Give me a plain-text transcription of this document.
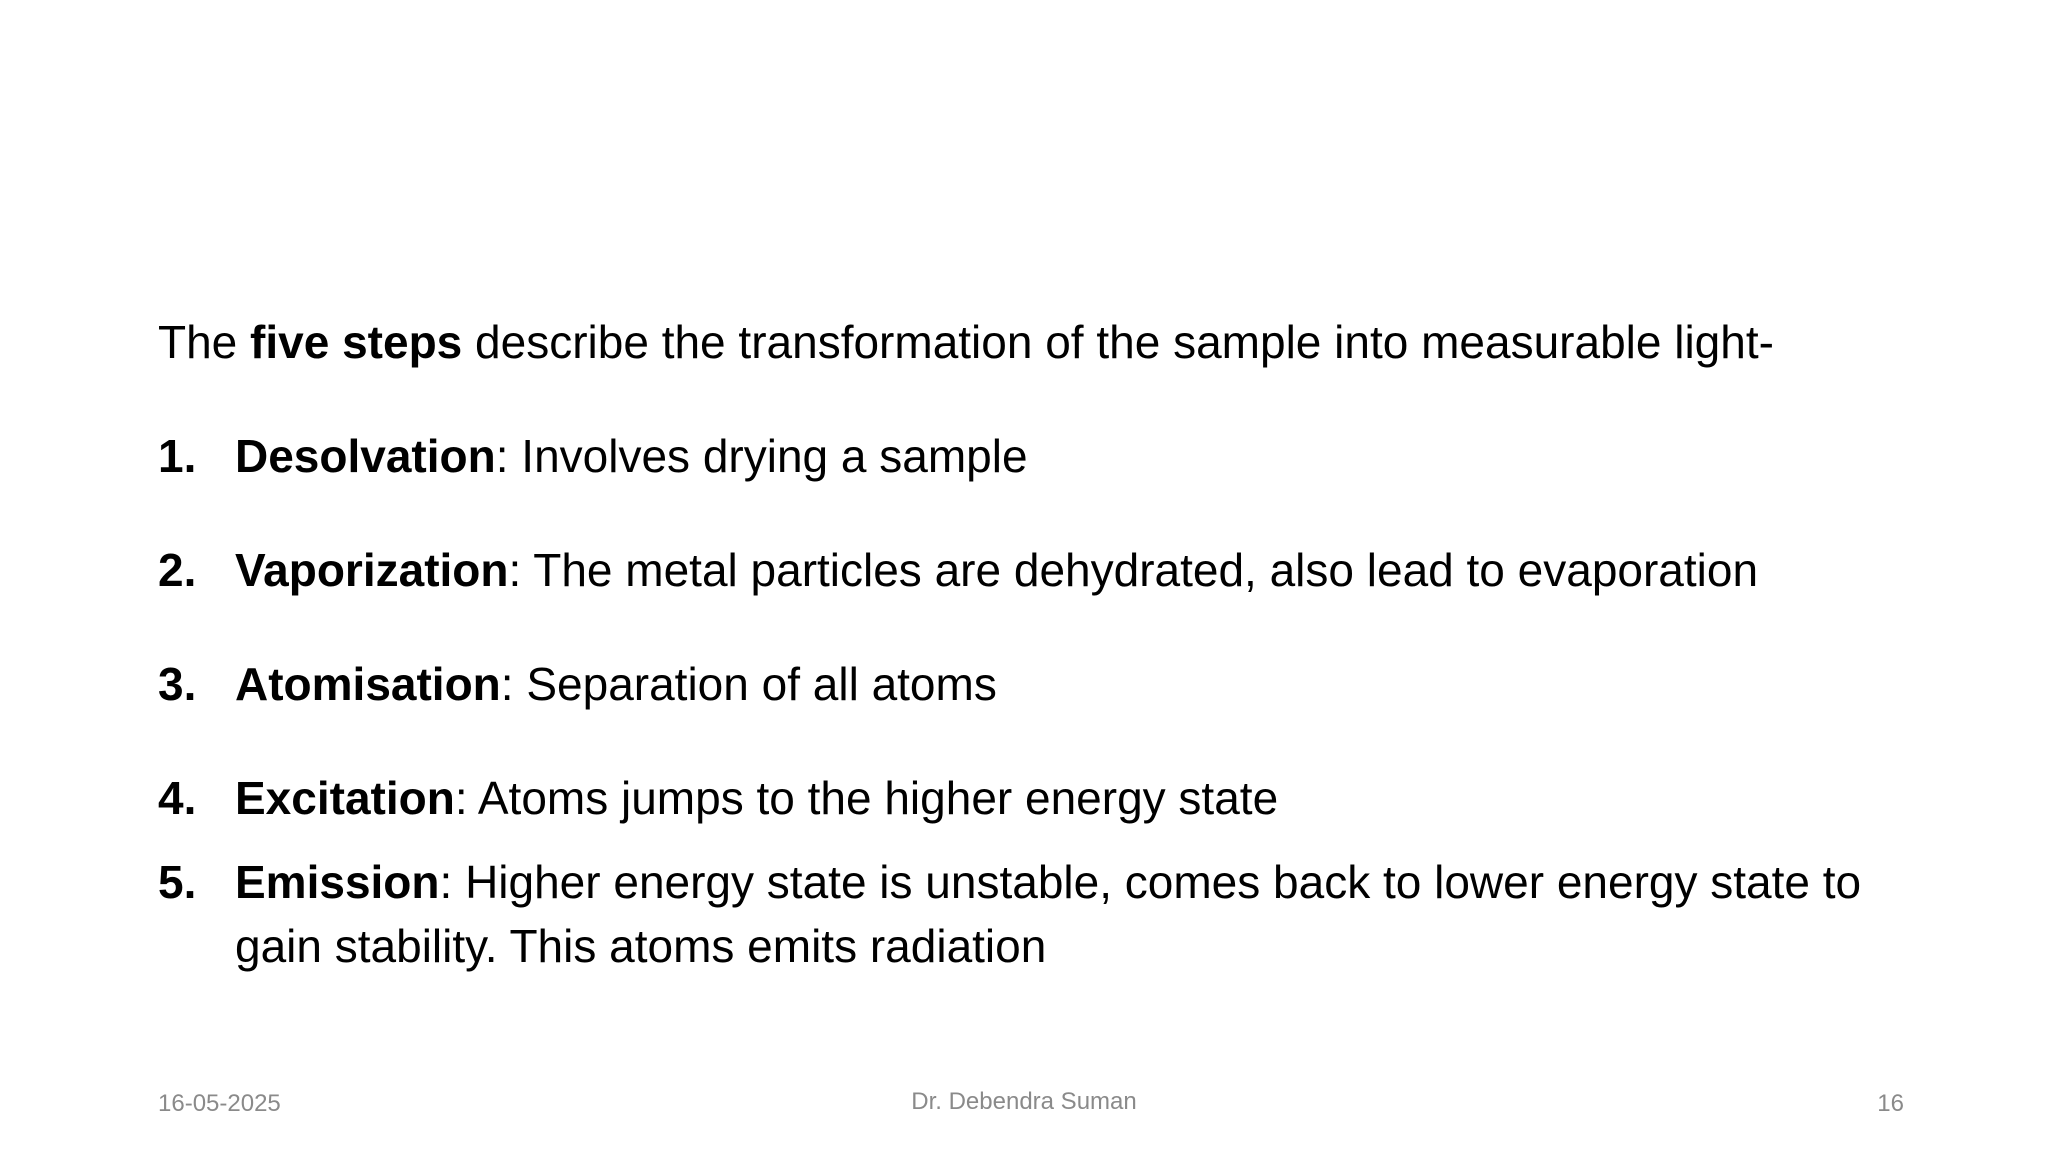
The five steps describe the transformation of the sample into measurable light-

1. Desolvation: Involves drying a sample
2. Vaporization: The metal particles are dehydrated, also lead to evaporation
3. Atomisation: Separation of all atoms
4. Excitation: Atoms jumps to the higher energy state
5. Emission: Higher energy state is unstable, comes back to lower energy state to gain stability. This atoms emits radiation
16-05-2025	Dr. Debendra Suman	16
